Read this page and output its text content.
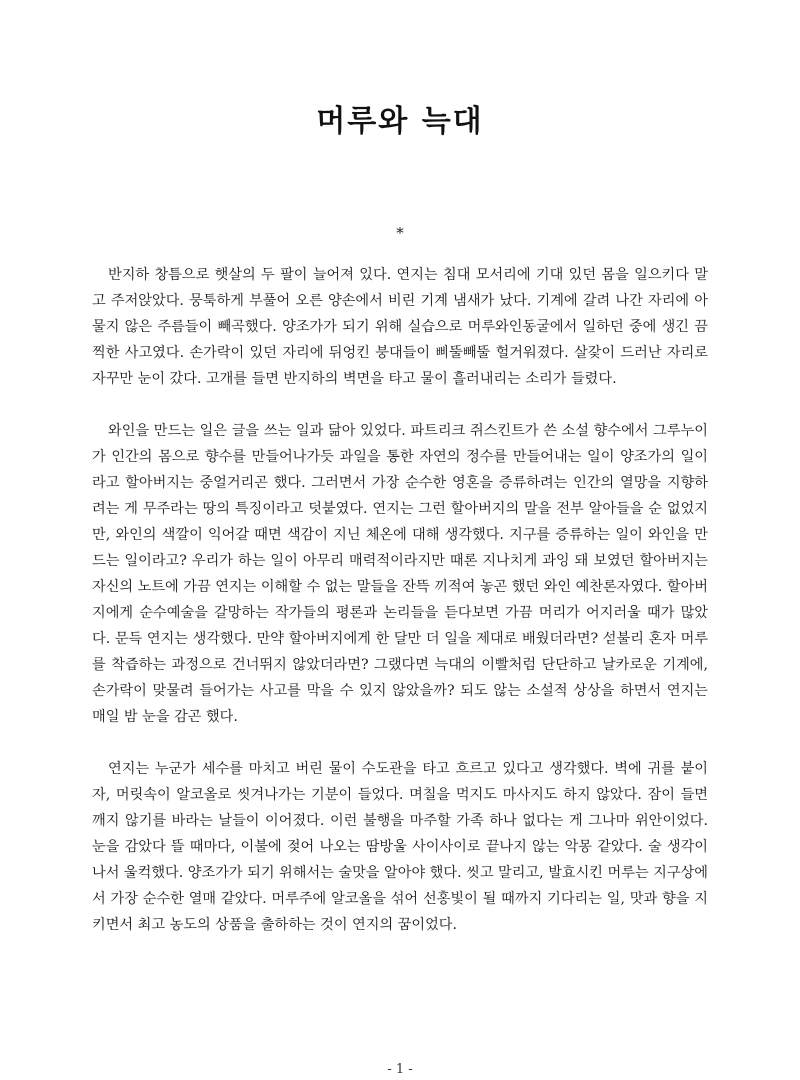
머루와 늑대
*

반지하 창틈으로 햇살의 두 팔이 늘어져 있다. 연지는 침대 모서리에 기대 있던 몸을 일으키다 말고 주저앉았다. 뭉툭하게 부풀어 오른 양손에서 비린 기계 냄새가 났다. 기계에 갈려 나간 자리에 아물지 않은 주름들이 빼곡했다. 양조가가 되기 위해 실습으로 머루와인동굴에서 일하던 중에 생긴 끔찍한 사고였다. 손가락이 있던 자리에 뒤엉킨 붕대들이 삐뚤빼뚤 헐거워졌다. 살갗이 드러난 자리로 자꾸만 눈이 갔다. 고개를 들면 반지하의 벽면을 타고 물이 흘러내리는 소리가 들렸다.

와인을 만드는 일은 글을 쓰는 일과 닮아 있었다. 파트리크 쥐스킨트가 쓴 소설 향수에서 그루누이가 인간의 몸으로 향수를 만들어나가듯 과일을 통한 자연의 정수를 만들어내는 일이 양조가의 일이라고 할아버지는 중얼거리곤 했다. 그러면서 가장 순수한 영혼을 증류하려는 인간의 열망을 지향하려는 게 무주라는 땅의 특징이라고 덧붙였다. 연지는 그런 할아버지의 말을 전부 알아들을 순 없었지만, 와인의 색깔이 익어갈 때면 색감이 지닌 체온에 대해 생각했다. 지구를 증류하는 일이 와인을 만드는 일이라고? 우리가 하는 일이 아무리 매력적이라지만 때론 지나치게 과잉 돼 보였던 할아버지는 자신의 노트에 가끔 연지는 이해할 수 없는 말들을 잔뜩 끼적여 놓곤 했던 와인 예찬론자였다. 할아버지에게 순수예술을 갈망하는 작가들의 평론과 논리들을 듣다보면 가끔 머리가 어지러울 때가 많았다. 문득 연지는 생각했다. 만약 할아버지에게 한 달만 더 일을 제대로 배웠더라면? 섣불리 혼자 머루를 착즙하는 과정으로 건너뛰지 않았더라면? 그랬다면 늑대의 이빨처럼 단단하고 날카로운 기계에, 손가락이 맞물려 들어가는 사고를 막을 수 있지 않았을까? 되도 않는 소설적 상상을 하면서 연지는 매일 밤 눈을 감곤 했다.

연지는 누군가 세수를 마치고 버린 물이 수도관을 타고 흐르고 있다고 생각했다. 벽에 귀를 붙이자, 머릿속이 알코올로 씻겨나가는 기분이 들었다. 며칠을 먹지도 마사지도 하지 않았다. 잠이 들면 깨지 않기를 바라는 날들이 이어졌다. 이런 불행을 마주할 가족 하나 없다는 게 그나마 위안이었다. 눈을 감았다 뜰 때마다, 이불에 젖어 나오는 땀방울 사이사이로 끝나지 않는 악몽 같았다. 술 생각이 나서 울컥했다. 양조가가 되기 위해서는 술맛을 알아야 했다. 씻고 말리고, 발효시킨 머루는 지구상에서 가장 순수한 열매 같았다. 머루주에 알코올을 섞어 선홍빛이 될 때까지 기다리는 일, 맛과 향을 지키면서 최고 농도의 상품을 출하하는 것이 연지의 꿈이었다.

- 1 -
